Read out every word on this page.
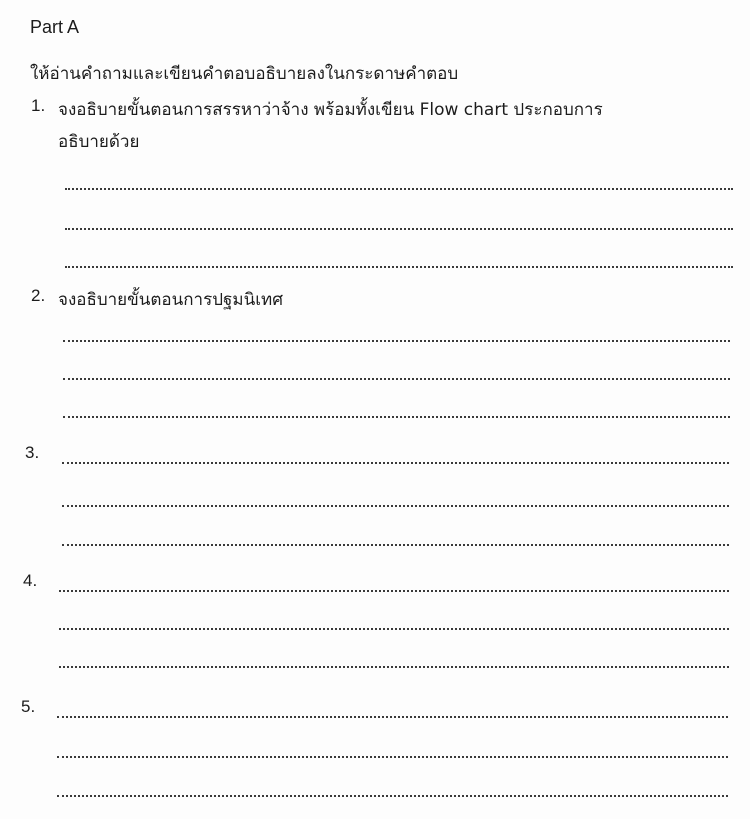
Part A
ให้อ่านคำถามและเขียนคำตอบอธิบายลงในกระดาษคำตอบ
1. จงอธิบายขั้นตอนการสรรหาว่าจ้าง พร้อมทั้งเขียน Flow chart ประกอบการ
อธิบายด้วย
2. จงอธิบายขั้นตอนการปฐมนิเทศ
3.
4.
5.
